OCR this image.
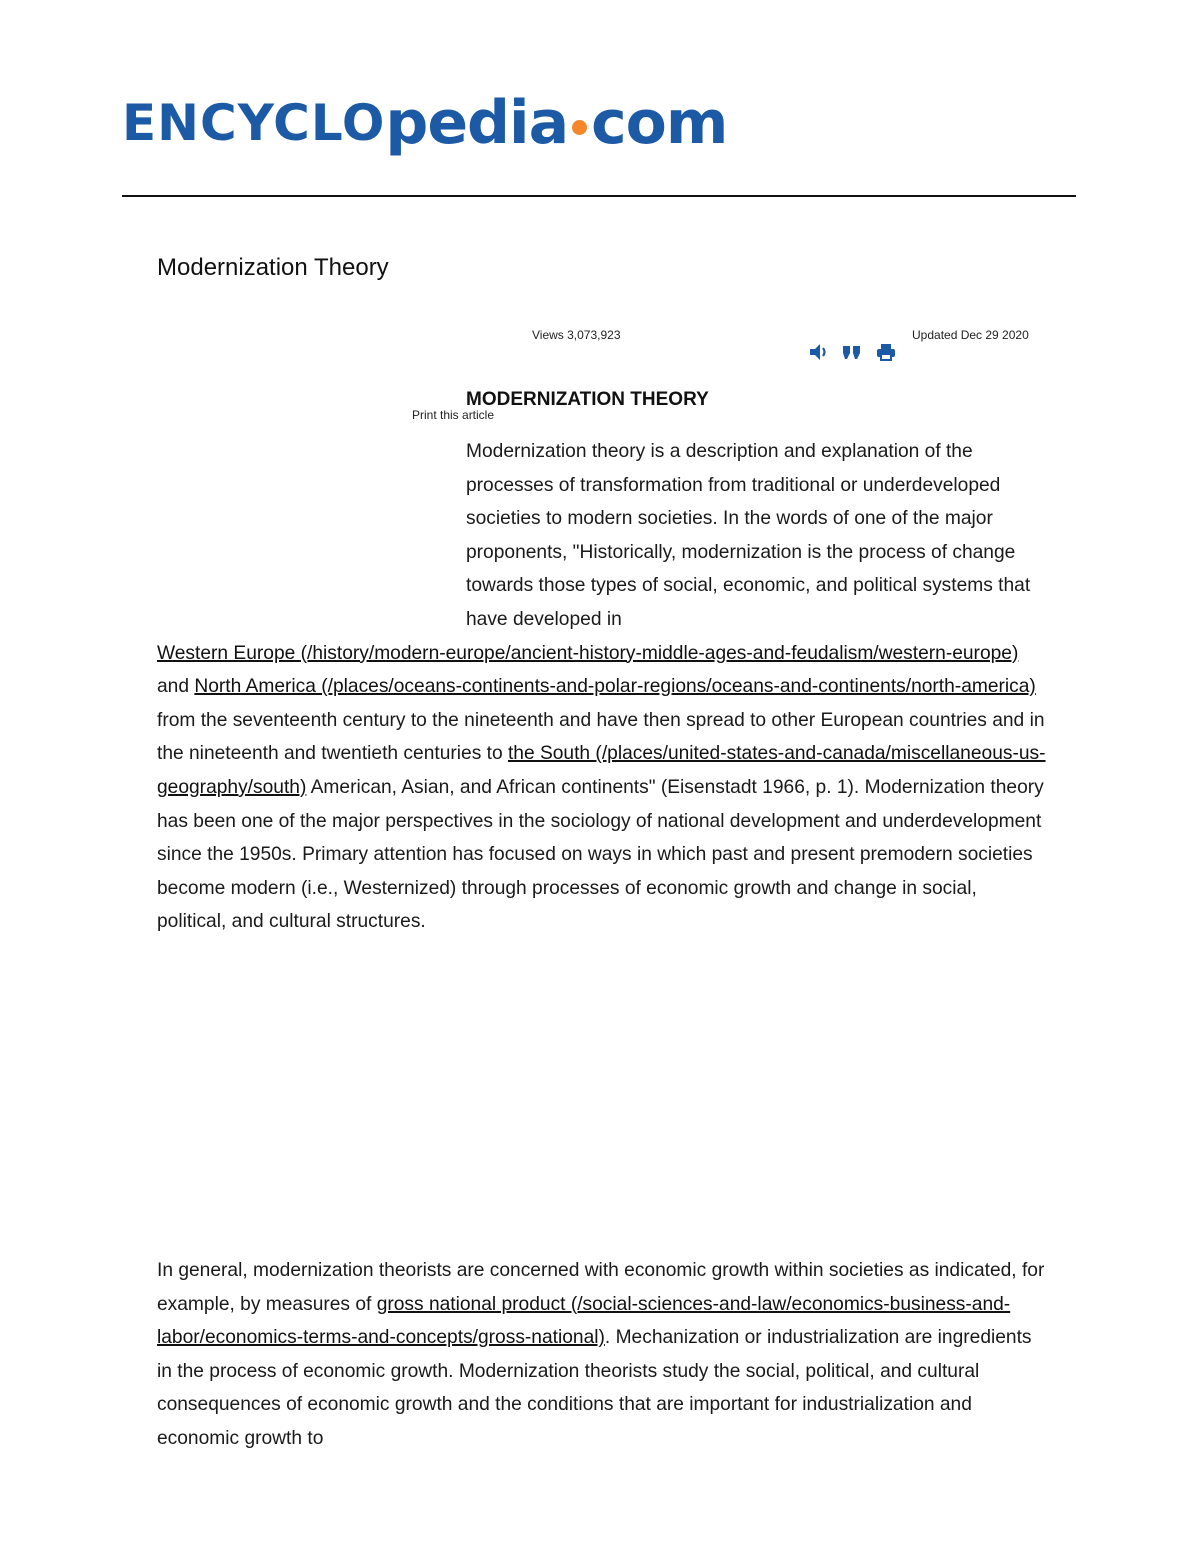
ENCYCLO pedia com
Modernization Theory
Views 3,073,923	Updated Dec 29 2020
Print this article
MODERNIZATION THEORY
Modernization theory is a description and explanation of the processes of transformation from traditional or underdeveloped societies to modern societies. In the words of one of the major proponents, "Historically, modernization is the process of change towards those types of social, economic, and political systems that have developed in
Western Europe (/history/modern-europe/ancient-history-middle-ages-and-feudalism/western-europe) and North America (/places/oceans-continents-and-polar-regions/oceans-and-continents/north-america) from the seventeenth century to the nineteenth and have then spread to other European countries and in the nineteenth and twentieth centuries to the South (/places/united-states-and-canada/miscellaneous-us-geography/south) American, Asian, and African continents" (Eisenstadt 1966, p. 1). Modernization theory has been one of the major perspectives in the sociology of national development and underdevelopment since the 1950s. Primary attention has focused on ways in which past and present premodern societies become modern (i.e., Westernized) through processes of economic growth and change in social, political, and cultural structures.
In general, modernization theorists are concerned with economic growth within societies as indicated, for example, by measures of gross national product (/social-sciences-and-law/economics-business-and-labor/economics-terms-and-concepts/gross-national). Mechanization or industrialization are ingredients in the process of economic growth. Modernization theorists study the social, political, and cultural consequences of economic growth and the conditions that are important for industrialization and economic growth to
